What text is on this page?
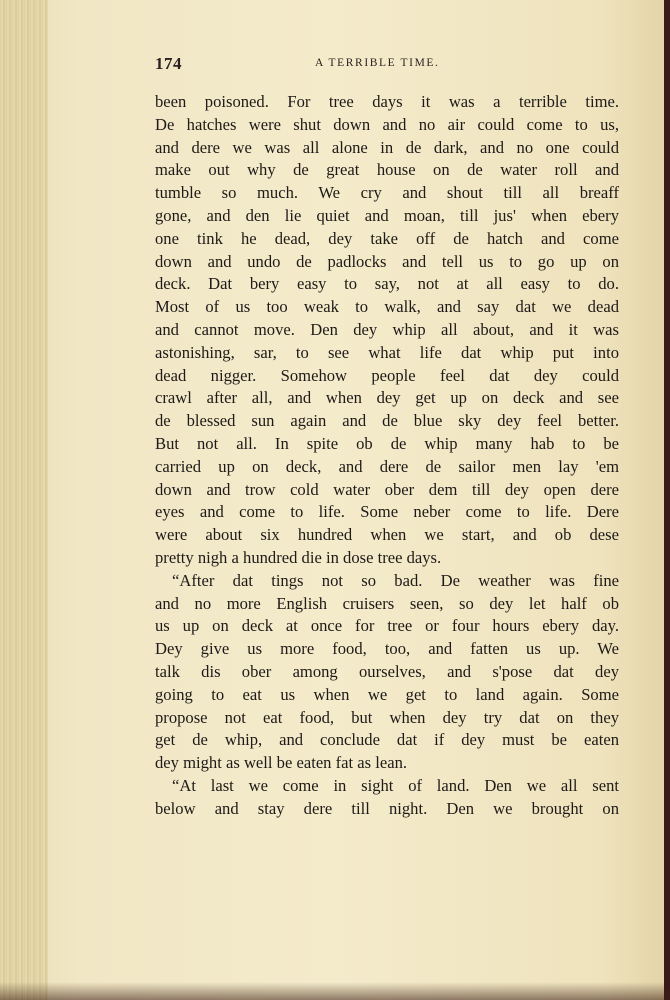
174	A TERRIBLE TIME.
been poisoned. For tree days it was a terrible time.
De hatches were shut down and no air could come to us,
and dere we was all alone in de dark, and no one could
make out why de great house on de water roll and
tumble so much. We cry and shout till all breaff
gone, and den lie quiet and moan, till jus' when ebery
one tink he dead, dey take off de hatch and come
down and undo de padlocks and tell us to go up on
deck. Dat bery easy to say, not at all easy to do.
Most of us too weak to walk, and say dat we dead
and cannot move. Den dey whip all about, and it was
astonishing, sar, to see what life dat whip put into
dead nigger. Somehow people feel dat dey could
crawl after all, and when dey get up on deck and see
de blessed sun again and de blue sky dey feel better.
But not all. In spite ob de whip many hab to be
carried up on deck, and dere de sailor men lay 'em
down and trow cold water ober dem till dey open dere
eyes and come to life. Some neber come to life. Dere
were about six hundred when we start, and ob dese
pretty nigh a hundred die in dose tree days.
“After dat tings not so bad. De weather was fine
and no more English cruisers seen, so dey let half ob
us up on deck at once for tree or four hours ebery day.
Dey give us more food, too, and fatten us up. We
talk dis ober among ourselves, and s'pose dat dey
going to eat us when we get to land again. Some
propose not eat food, but when dey try dat on they
get de whip, and conclude dat if dey must be eaten
dey might as well be eaten fat as lean.
“At last we come in sight of land. Den we all sent
below and stay dere till night. Den we brought on
